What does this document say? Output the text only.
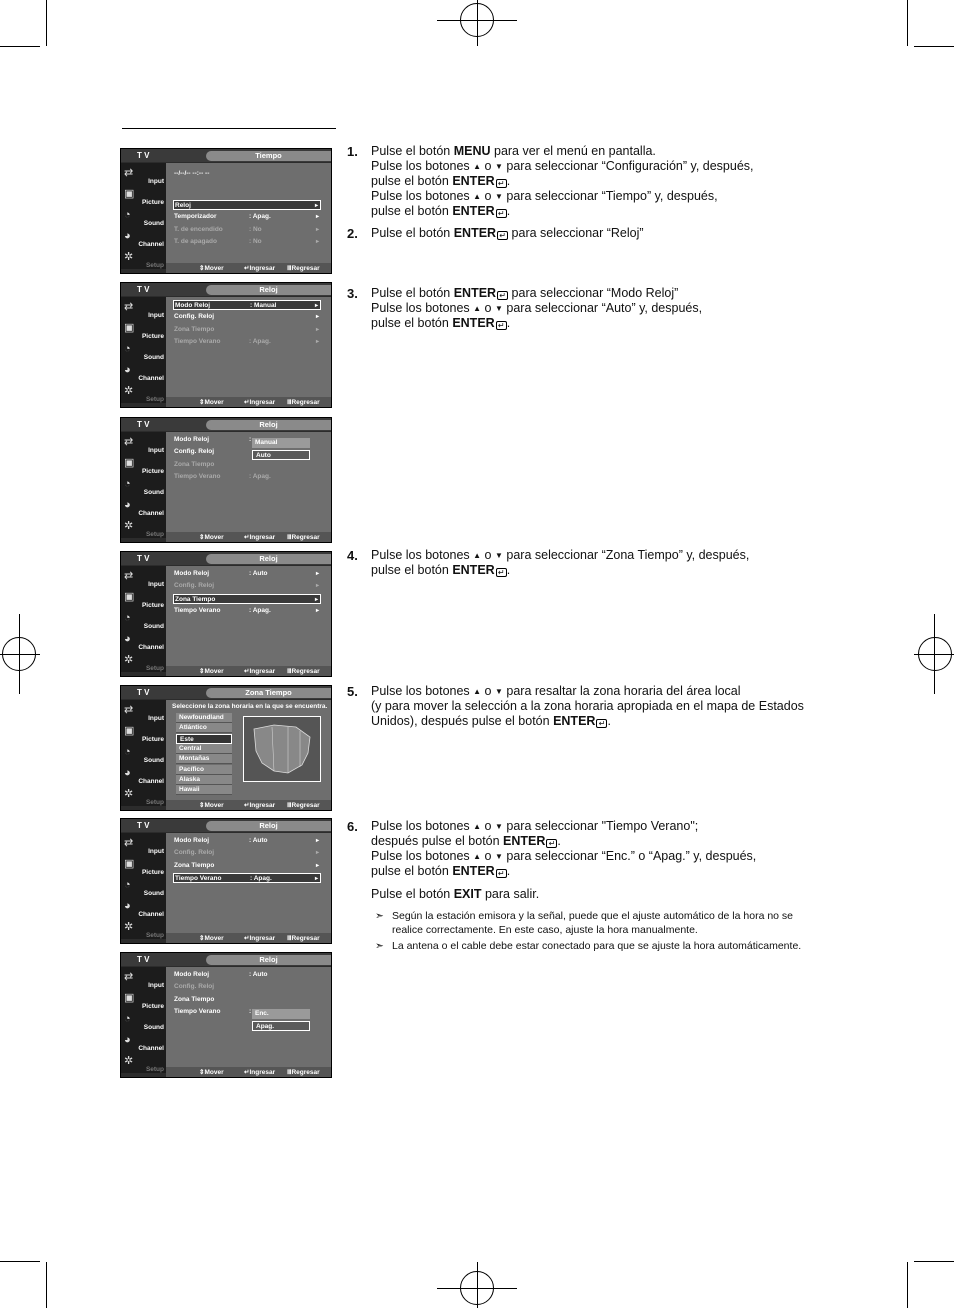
T V	Tiempo
⇄
Input
▣
Picture
◔
Sound
◕
Channel
✲
Setup
--/--/-- --:-- --
Reloj	▸
Temporizador	: Apag.	▸
T. de encendido	: No	▸
T. de apagado	: No	▸
⇕Mover	↵Ingresar ⅢRegresar
T V	Reloj
⇄
Input
▣
Picture
◔
Sound
◕
Channel
✲
Setup
Modo Reloj	: Manual	▸
Config. Reloj	▸
Zona Tiempo	▸
Tiempo Verano	: Apag.	▸
⇕Mover	↵Ingresar ⅢRegresar
T V	Reloj
⇄
Input
▣
Picture
◔
Sound
◕
Channel
✲
Setup
Modo Reloj	:
Config. Reloj
Zona Tiempo
Tiempo Verano	: Apag.
Manual
Auto
⇕Mover	↵Ingresar ⅢRegresar
T V	Reloj
⇄
Input
▣
Picture
◔
Sound
◕
Channel
✲
Setup
Modo Reloj	: Auto	▸
Config. Reloj	▸
Zona Tiempo	▸
Tiempo Verano	: Apag.	▸
⇕Mover	↵Ingresar ⅢRegresar
T V	Zona Tiempo
⇄
Input
▣
Picture
◔
Sound
◕
Channel
✲
Setup
Seleccione la zona horaria en la que se encuentra.
Newfoundland
Atlántico
Este
Central
Montañas
Pacífico
Alaska
Hawaii
⇕Mover	↵Ingresar ⅢRegresar
T V	Reloj
⇄
Input
▣
Picture
◔
Sound
◕
Channel
✲
Setup
Modo Reloj	: Auto	▸
Config. Reloj	▸
Zona Tiempo	▸
Tiempo Verano	: Apag.	▸
⇕Mover	↵Ingresar ⅢRegresar
T V	Reloj
⇄
Input
▣
Picture
◔
Sound
◕
Channel
✲
Setup
Modo Reloj	: Auto
Config. Reloj
Zona Tiempo
Tiempo Verano	: Enc.
Apag.
⇕Mover	↵Ingresar ⅢRegresar
1. Pulse el botón MENU para ver el menú en pantalla.
Pulse los botones ▲ o ▼ para seleccionar “Configuración” y, después,
pulse el botón ENTER ↵ .
Pulse los botones ▲ o ▼ para seleccionar “Tiempo” y, después,
pulse el botón ENTER ↵ .
2. Pulse el botón ENTER ↵ para seleccionar “Reloj”
3. Pulse el botón ENTER ↵ para seleccionar “Modo Reloj”
Pulse los botones ▲ o ▼ para seleccionar “Auto” y, después,
pulse el botón ENTER ↵ .
4. Pulse los botones ▲ o ▼ para seleccionar “Zona Tiempo” y, después,
pulse el botón ENTER ↵ .
5. Pulse los botones ▲ o ▼ para resaltar la zona horaria del área local
(y para mover la selección a la zona horaria apropiada en el mapa de Estados
Unidos), después pulse el botón ENTER ↵ .
6. Pulse los botones ▲ o ▼ para seleccionar "Tiempo Verano";
después pulse el botón ENTER ↵ .
Pulse los botones ▲ o ▼ para seleccionar “Enc.” o “Apag.” y, después,
pulse el botón ENTER ↵ .
Pulse el botón EXIT para salir.
➣ Según la estación emisora y la señal, puede que el ajuste automático de la hora no se
realice correctamente. En este caso, ajuste la hora manualmente.
➣ La antena o el cable debe estar conectado para que se ajuste la hora automáticamente.
